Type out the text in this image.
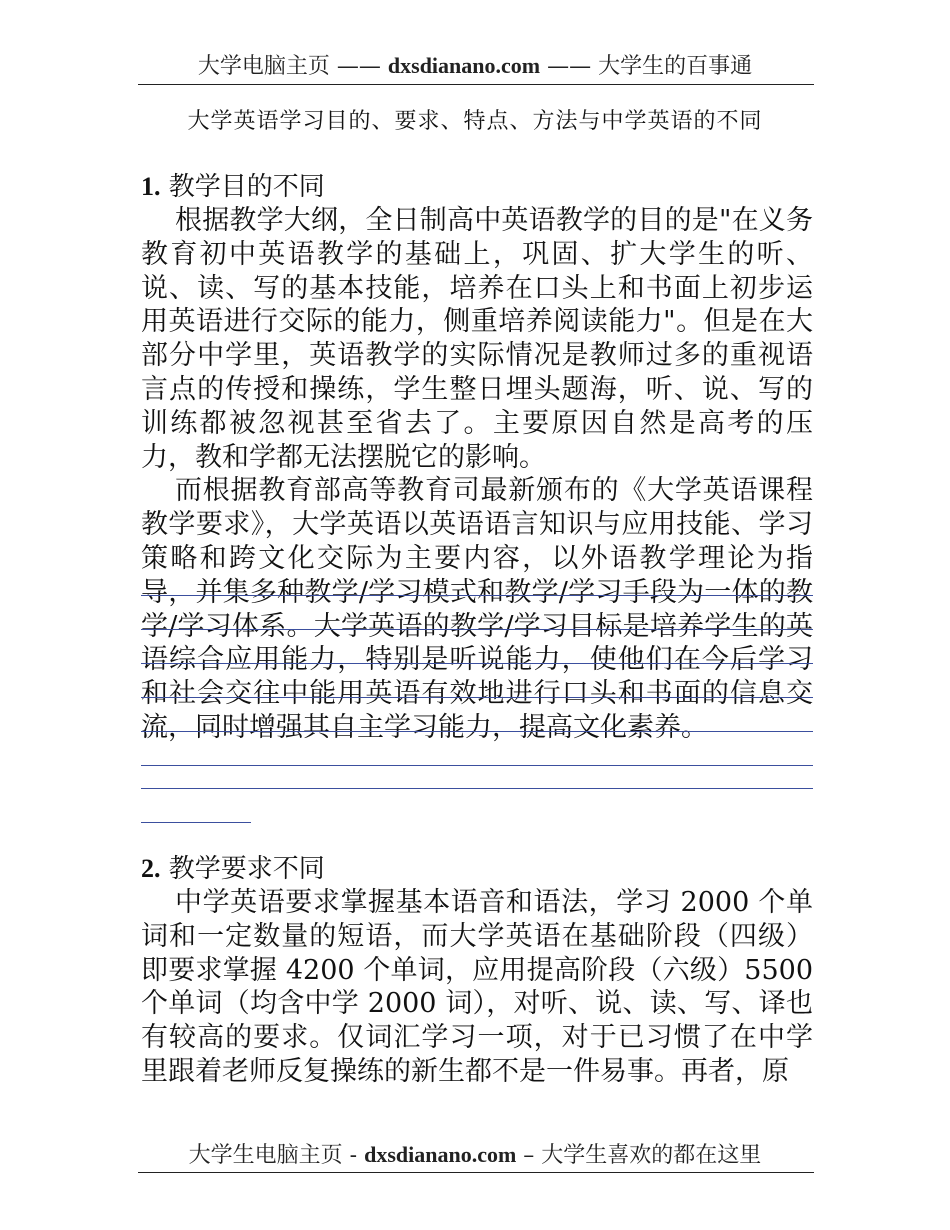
大学电脑主页 —— dxsdianano.com —— 大学生的百事通
大学英语学习目的、要求、特点、方法与中学英语的不同
1. 教学目的不同

根据教学大纲，全日制高中英语教学的目的是"在义务教育初中英语教学的基础上，巩固、扩大学生的听、说、读、写的基本技能，培养在口头上和书面上初步运用英语进行交际的能力，侧重培养阅读能力"。但是在大部分中学里，英语教学的实际情况是教师过多的重视语言点的传授和操练，学生整日埋头题海，听、说、写的训练都被忽视甚至省去了。主要原因自然是高考的压力，教和学都无法摆脱它的影响。

而根据教育部高等教育司最新颁布的《大学英语课程教学要求》，大学英语以英语语言知识与应用技能、学习策略和跨文化交际为主要内容，以外语教学理论为指导，并集多种教学/学习模式和教学/学习手段为一体的教学/学习体系。大学英语的教学/学习目标是培养学生的英语综合应用能力，特别是听说能力，使他们在今后学习和社会交往中能用英语有效地进行口头和书面的信息交流，同时增强其自主学习能力，提高文化素养。

2. 教学要求不同

中学英语要求掌握基本语音和语法，学习 2000 个单词和一定数量的短语，而大学英语在基础阶段（四级）即要求掌握 4200 个单词，应用提高阶段（六级）5500 个单词（均含中学 2000 词），对听、说、读、写、译也有较高的要求。仅词汇学习一项，对于已习惯了在中学里跟着老师反复操练的新生都不是一件易事。再者，原

大学生电脑主页 - dxsdianano.com – 大学生喜欢的都在这里
